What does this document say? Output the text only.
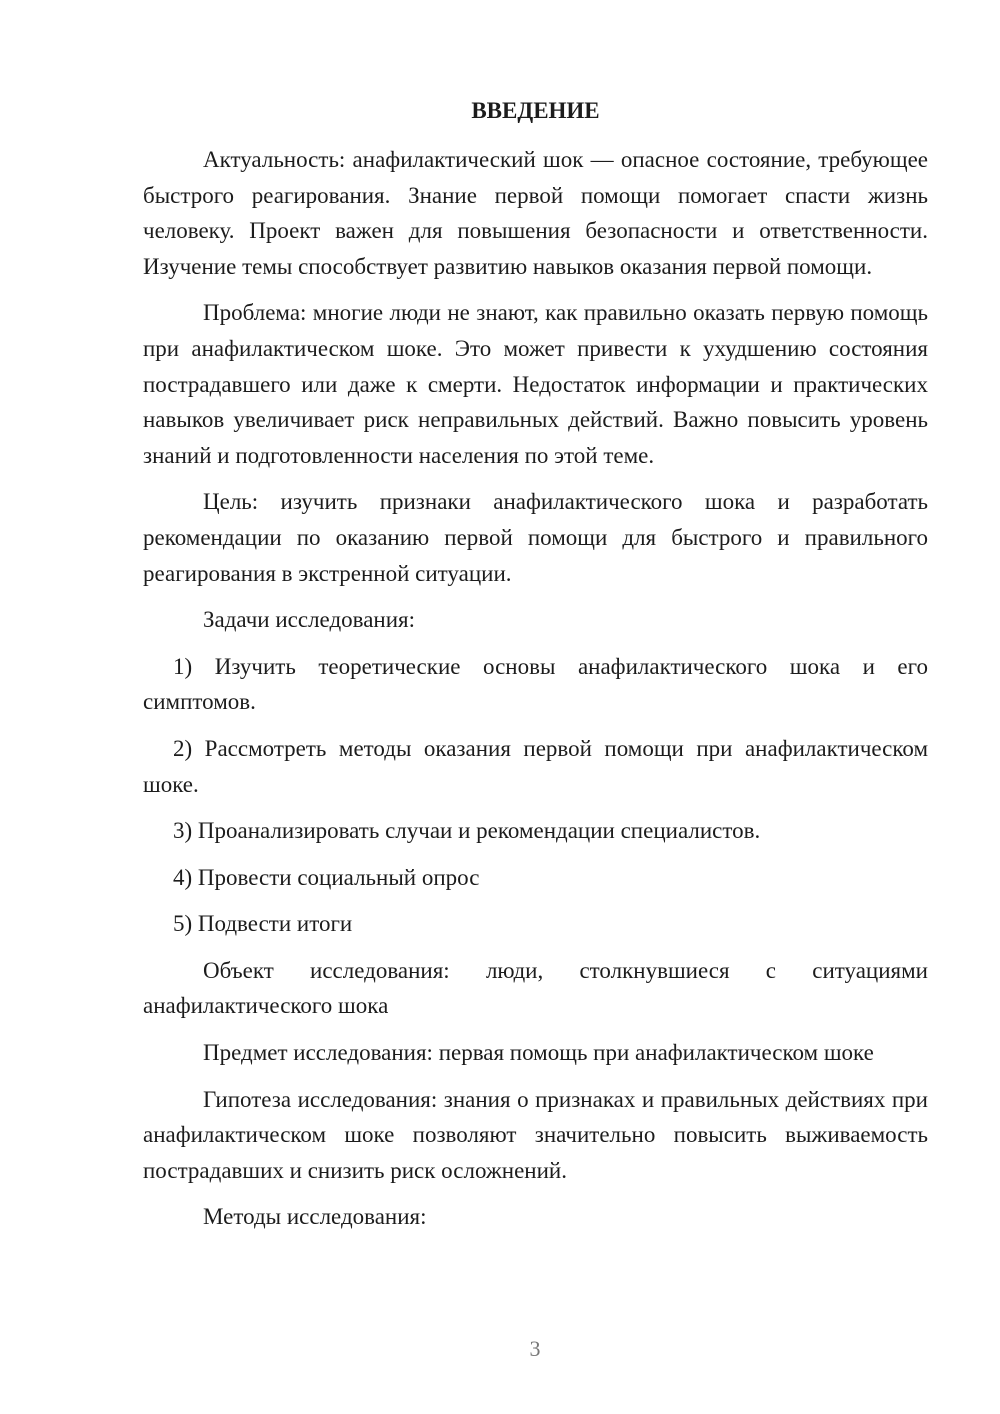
ВВЕДЕНИЕ

Актуальность: анафилактический шок — опасное состояние, требующее быстрого реагирования. Знание первой помощи помогает спасти жизнь человеку. Проект важен для повышения безопасности и ответственности. Изучение темы способствует развитию навыков оказания первой помощи.

Проблема: многие люди не знают, как правильно оказать первую помощь при анафилактическом шоке. Это может привести к ухудшению состояния пострадавшего или даже к смерти. Недостаток информации и практических навыков увеличивает риск неправильных действий. Важно повысить уровень знаний и подготовленности населения по этой теме.

Цель: изучить признаки анафилактического шока и разработать рекомендации по оказанию первой помощи для быстрого и правильного реагирования в экстренной ситуации.

Задачи исследования:

1) Изучить теоретические основы анафилактического шока и его симптомов.

2) Рассмотреть методы оказания первой помощи при анафилактическом шоке.

3) Проанализировать случаи и рекомендации специалистов.

4) Провести социальный опрос

5) Подвести итоги

Объект исследования: люди, столкнувшиеся с ситуациями анафилактического шока

Предмет исследования: первая помощь при анафилактическом шоке

Гипотеза исследования: знания о признаках и правильных действиях при анафилактическом шоке позволяют значительно повысить выживаемость пострадавших и снизить риск осложнений.

Методы исследования:

3
